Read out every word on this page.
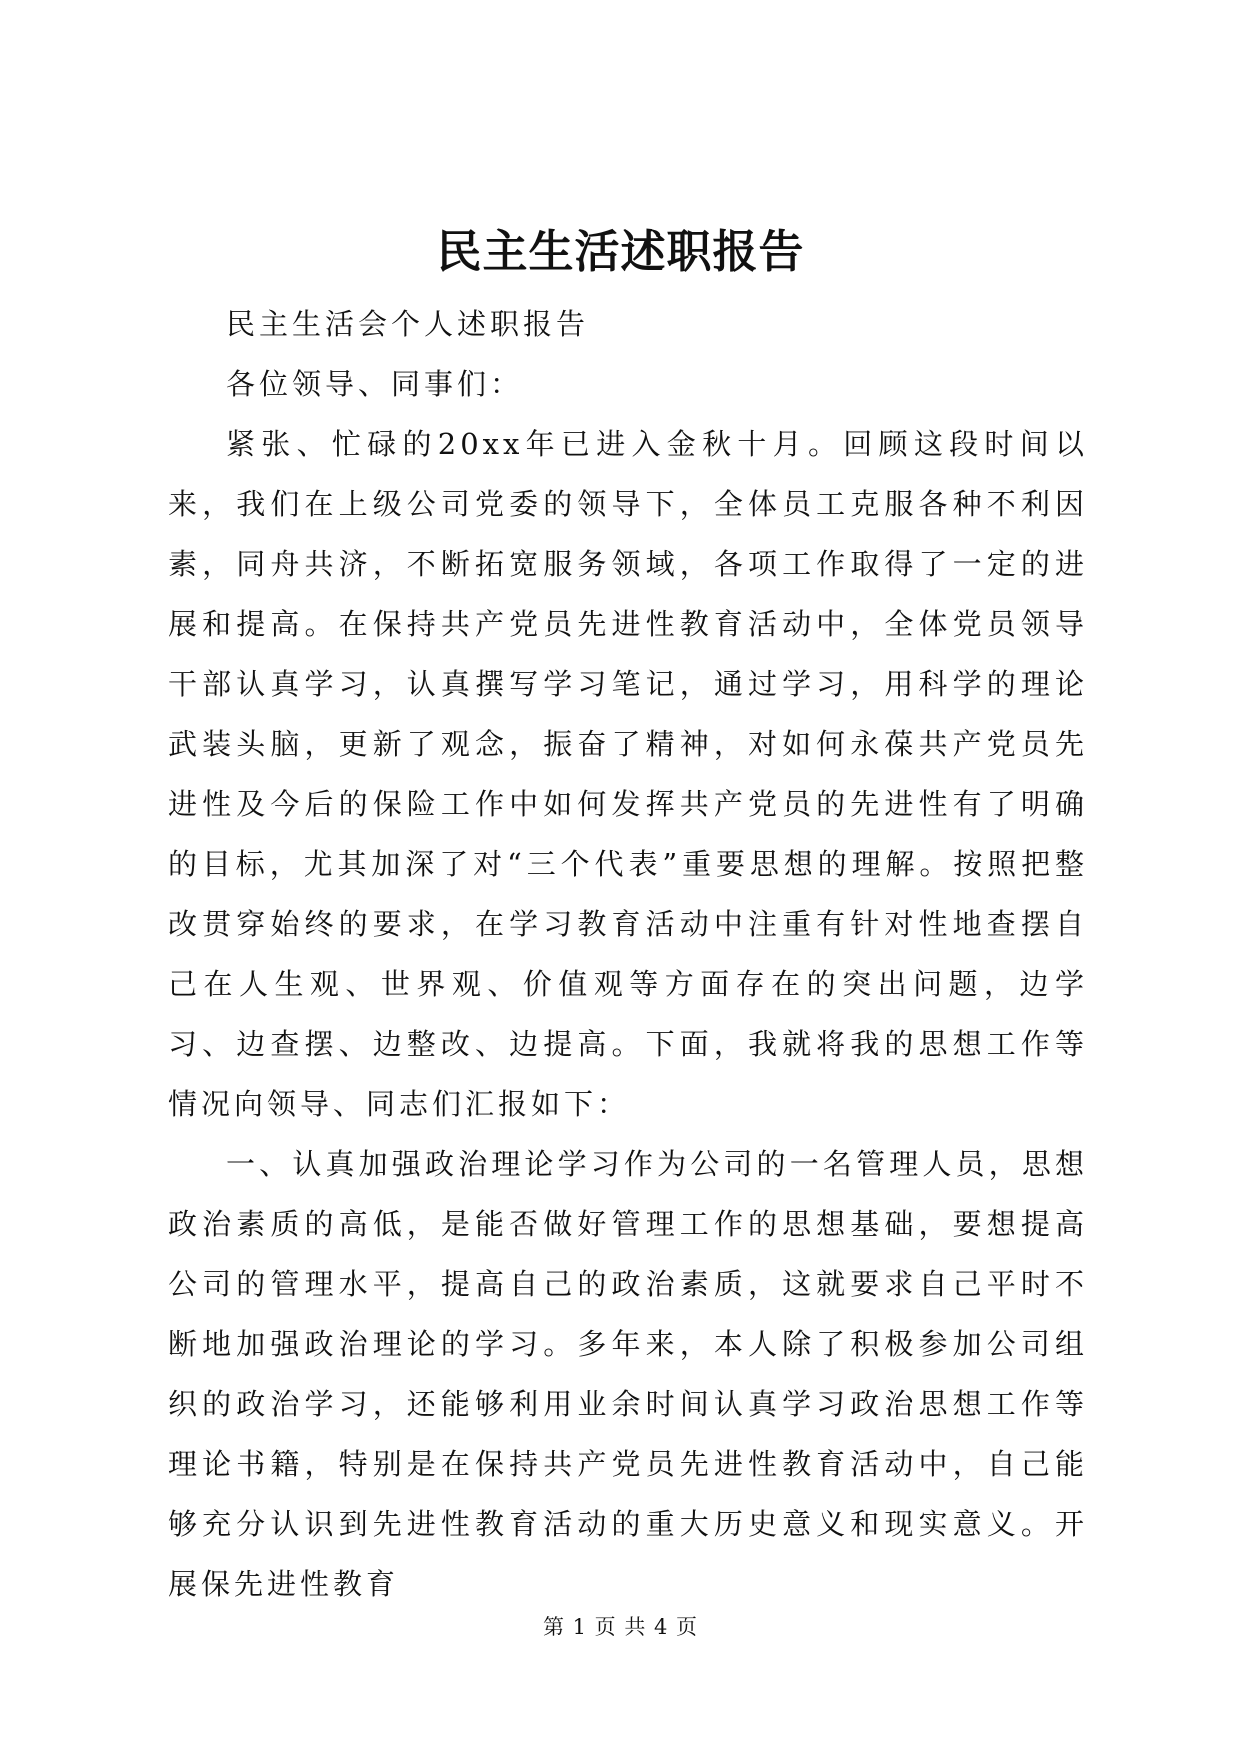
民主生活述职报告

民主生活会个人述职报告

各位领导、同事们：

紧张、忙碌的20xx年已进入金秋十月。回顾这段时间以来，我们在上级公司党委的领导下，全体员工克服各种不利因素，同舟共济，不断拓宽服务领域，各项工作取得了一定的进展和提高。在保持共产党员先进性教育活动中，全体党员领导干部认真学习，认真撰写学习笔记，通过学习，用科学的理论武装头脑，更新了观念，振奋了精神，对如何永葆共产党员先进性及今后的保险工作中如何发挥共产党员的先进性有了明确的目标，尤其加深了对“三个代表”重要思想的理解。按照把整改贯穿始终的要求，在学习教育活动中注重有针对性地查摆自己在人生观、世界观、价值观等方面存在的突出问题，边学习、边查摆、边整改、边提高。下面，我就将我的思想工作等情况向领导、同志们汇报如下：

一、认真加强政治理论学习作为公司的一名管理人员，思想政治素质的高低，是能否做好管理工作的思想基础，要想提高公司的管理水平，提高自己的政治素质，这就要求自己平时不断地加强政治理论的学习。多年来，本人除了积极参加公司组织的政治学习，还能够利用业余时间认真学习政治思想工作等理论书籍，特别是在保持共产党员先进性教育活动中，自己能够充分认识到先进性教育活动的重大历史意义和现实意义。开展保先进性教育

第 1 页 共 4 页
